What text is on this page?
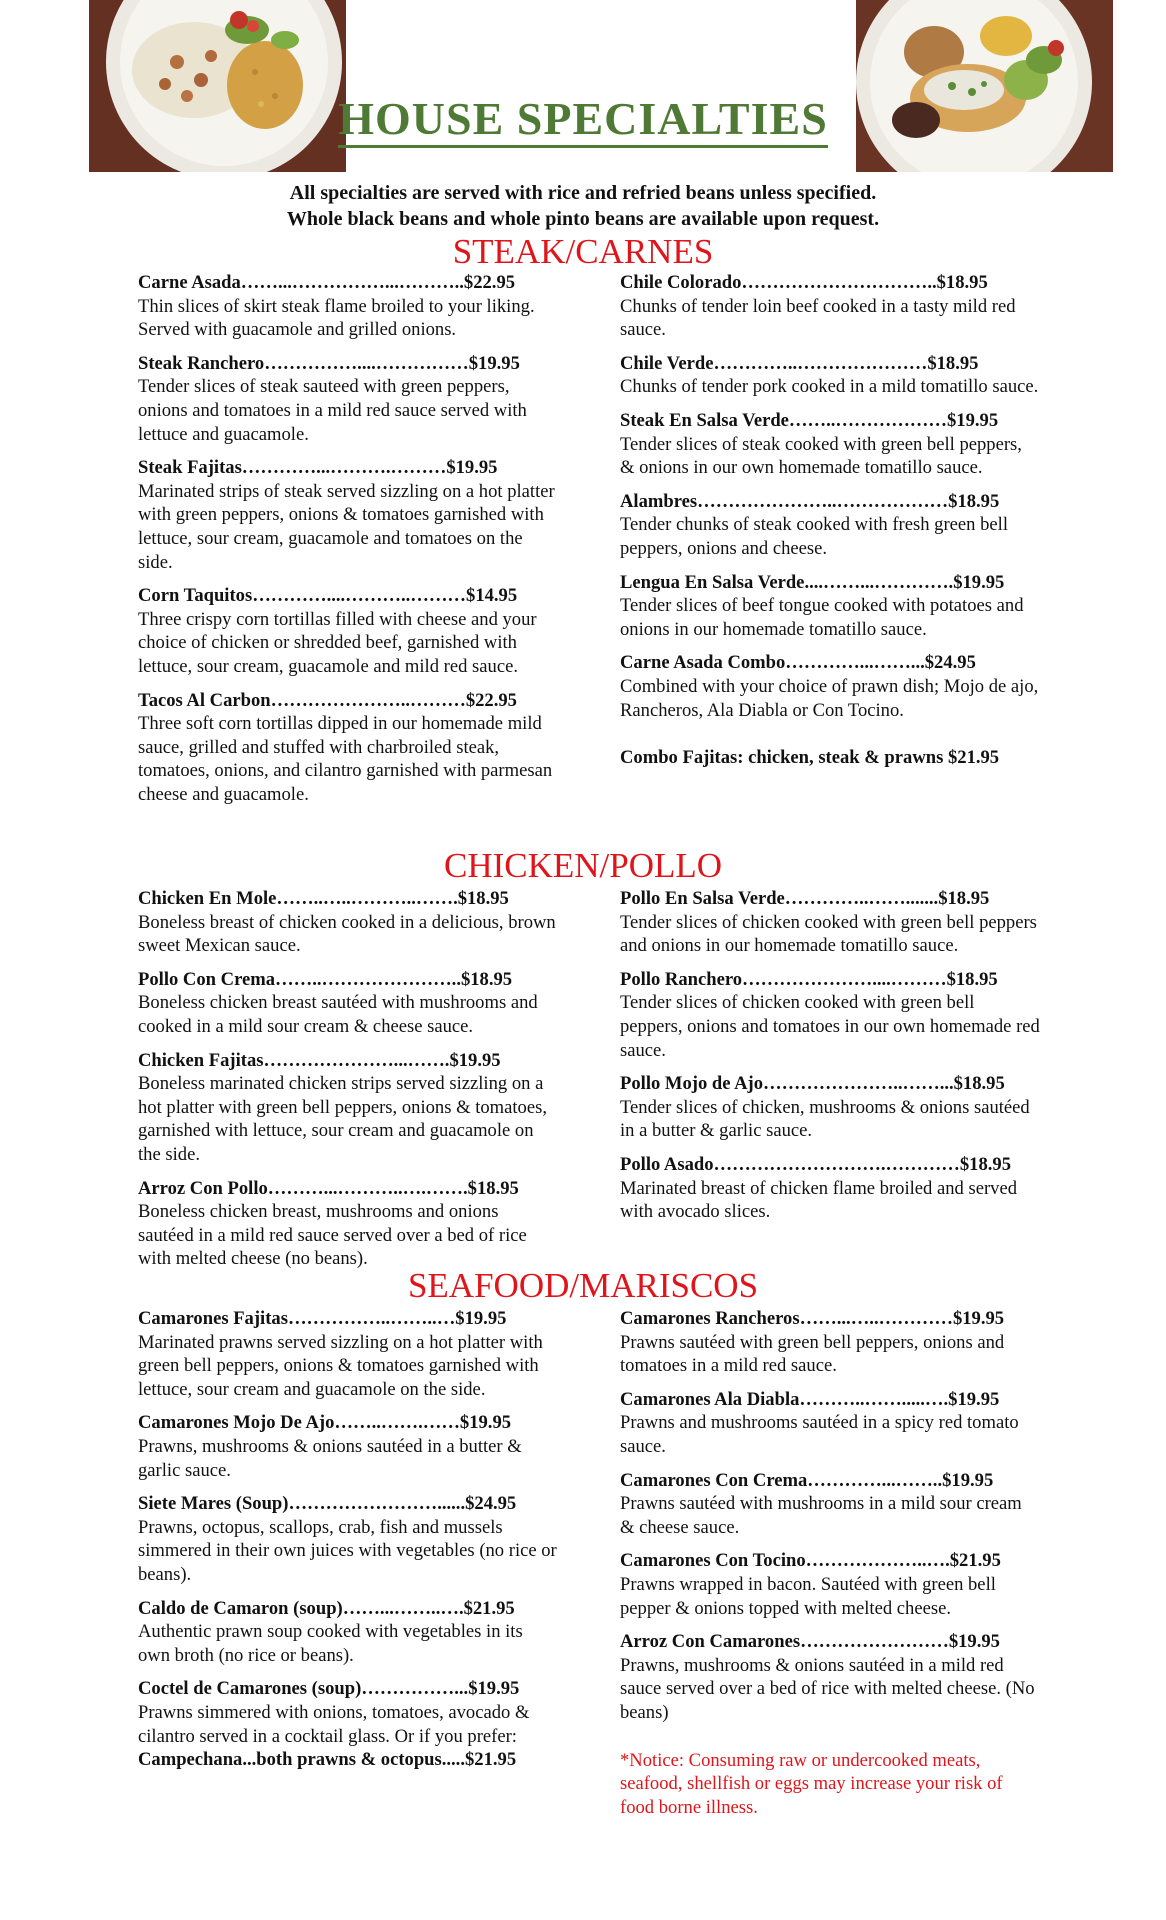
HOUSE SPECIALTIES
All specialties are served with rice and refried beans unless specified.
Whole black beans and whole pinto beans are available upon request.
STEAK/CARNES
Carne Asada……...……………...………..$22.95
Thin slices of skirt steak flame broiled to your liking. Served with guacamole and grilled onions.
Steak Ranchero……………....……………$19.95
Tender slices of steak sauteed with green peppers, onions and tomatoes in a mild red sauce served with lettuce and guacamole.
Steak Fajitas…………...……….………$19.95
Marinated strips of steak served sizzling on a hot platter with green peppers, onions & tomatoes garnished with lettuce, sour cream, guacamole and tomatoes on the side.
Corn Taquitos…………....………..………$14.95
Three crispy corn tortillas filled with cheese and your choice of chicken or shredded beef, garnished with lettuce, sour cream, guacamole and mild red sauce.
Tacos Al Carbon…………………..………$22.95
Three soft corn tortillas dipped in our homemade mild sauce, grilled and stuffed with charbroiled steak, tomatoes, onions, and cilantro garnished with parmesan cheese and guacamole.
Chile Colorado…………………………..$18.95
Chunks of tender loin beef cooked in a tasty mild red sauce.
Chile Verde…………..…………………$18.95
Chunks of tender pork cooked in a mild tomatillo sauce.
Steak En Salsa Verde……..………………$19.95
Tender slices of steak cooked with green bell peppers, & onions in our own homemade tomatillo sauce.
Alambres…………………..………………$18.95
Tender chunks of steak cooked with fresh green bell peppers, onions and cheese.
Lengua En Salsa Verde....……...………….$19.95
Tender slices of beef tongue cooked with potatoes and onions in our homemade tomatillo sauce.
Carne Asada Combo…………...……...$24.95
Combined with your choice of prawn dish; Mojo de ajo, Rancheros, Ala Diabla or Con Tocino.
Combo Fajitas: chicken, steak & prawns $21.95
CHICKEN/POLLO
Chicken En Mole……..…..………..…….$18.95
Boneless breast of chicken cooked in a delicious, brown sweet Mexican sauce.
Pollo Con Crema……..…………………..$18.95
Boneless chicken breast sautéed with mushrooms and cooked in a mild sour cream & cheese sauce.
Chicken Fajitas…………………...…….$19.95
Boneless marinated chicken strips served sizzling on a hot platter with green bell peppers, onions & tomatoes, garnished with lettuce, sour cream and guacamole on the side.
Arroz Con Pollo………...………..….…….$18.95
Boneless chicken breast, mushrooms and onions sautéed in a mild red sauce served over a bed of rice with melted cheese (no beans).
Pollo En Salsa Verde…………..…….......$18.95
Tender slices of chicken cooked with green bell peppers and onions in our homemade tomatillo sauce.
Pollo Ranchero…………………....………$18.95
Tender slices of chicken cooked with green bell peppers, onions and tomatoes in our own homemade red sauce.
Pollo Mojo de Ajo…………………..……...$18.95
Tender slices of chicken, mushrooms & onions sautéed in a butter & garlic sauce.
Pollo Asado……………………….…………$18.95
Marinated breast of chicken flame broiled and served with avocado slices.
SEAFOOD/MARISCOS
Camarones Fajitas……………..……..…$19.95
Marinated prawns served sizzling on a hot platter with green bell peppers, onions & tomatoes garnished with lettuce, sour cream and guacamole on the side.
Camarones Mojo De Ajo……..…….……$19.95
Prawns, mushrooms & onions sautéed in a butter & garlic sauce.
Siete Mares (Soup)……………………......$24.95
Prawns, octopus, scallops, crab, fish and mussels simmered in their own juices with vegetables (no rice or beans).
Caldo de Camaron (soup)……...……..….$21.95
Authentic prawn soup cooked with vegetables in its own broth (no rice or beans).
Coctel de Camarones (soup)……………...$19.95
Prawns simmered with onions, tomatoes, avocado & cilantro served in a cocktail glass. Or if you prefer:
Campechana...both prawns & octopus.....$21.95
Camarones Rancheros……...…..…………$19.95
Prawns sautéed with green bell peppers, onions and tomatoes in a mild red sauce.
Camarones Ala Diabla………..…….....….$19.95
Prawns and mushrooms sautéed in a spicy red tomato sauce.
Camarones Con Crema…………...……..$19.95
Prawns sautéed with mushrooms in a mild sour cream & cheese sauce.
Camarones Con Tocino………………..….$21.95
Prawns wrapped in bacon. Sautéed with green bell pepper & onions topped with melted cheese.
Arroz Con Camarones……………………$19.95
Prawns, mushrooms & onions sautéed in a mild red sauce served over a bed of rice with melted cheese. (No beans)
*Notice: Consuming raw or undercooked meats, seafood, shellfish or eggs may increase your risk of food borne illness.
